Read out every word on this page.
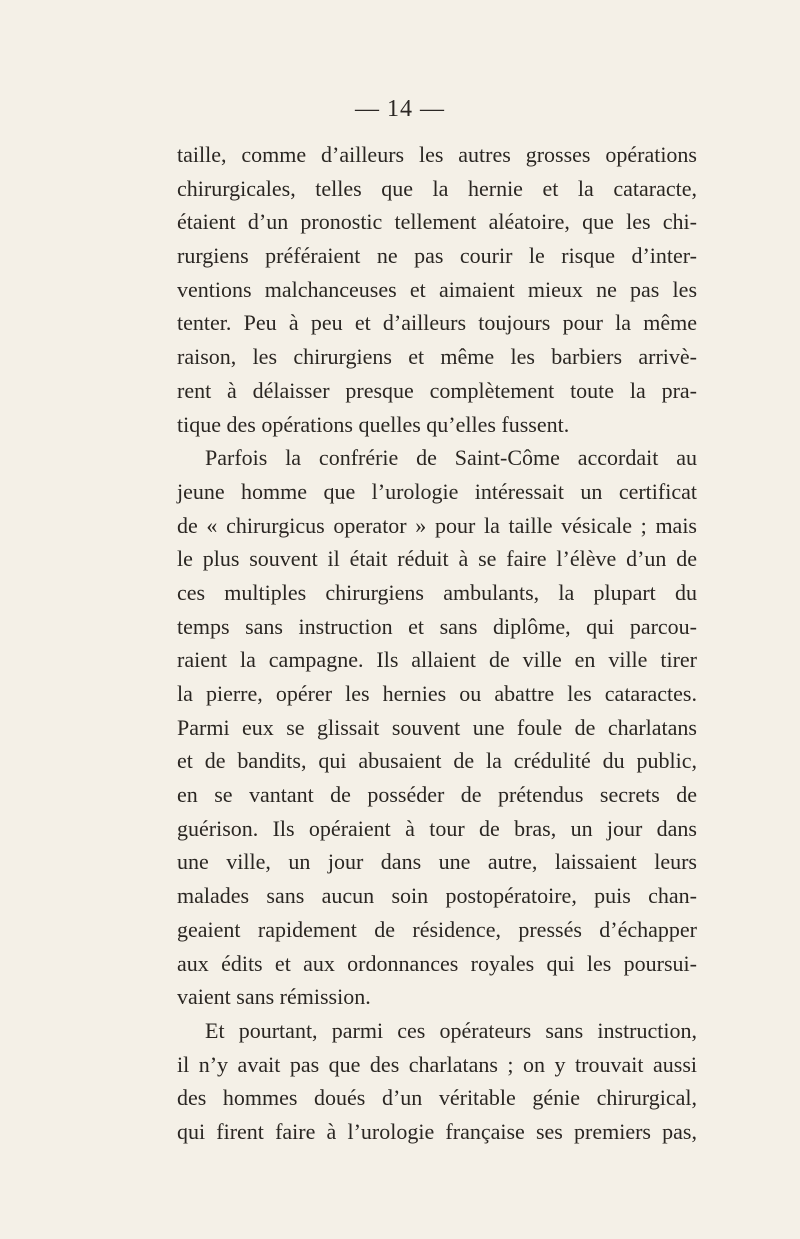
— 14 —
taille, comme d’ailleurs les autres grosses opérations
chirurgicales, telles que la hernie et la cataracte,
étaient d’un pronostic tellement aléatoire, que les chi-
rurgiens préféraient ne pas courir le risque d’inter-
ventions malchanceuses et aimaient mieux ne pas les
tenter. Peu à peu et d’ailleurs toujours pour la même
raison, les chirurgiens et même les barbiers arrivè-
rent à délaisser presque complètement toute la pra-
tique des opérations quelles qu’elles fussent.
Parfois la confrérie de Saint-Côme accordait au
jeune homme que l’urologie intéressait un certificat
de « chirurgicus operator » pour la taille vésicale ; mais
le plus souvent il était réduit à se faire l’élève d’un de
ces multiples chirurgiens ambulants, la plupart du
temps sans instruction et sans diplôme, qui parcou-
raient la campagne. Ils allaient de ville en ville tirer
la pierre, opérer les hernies ou abattre les cataractes.
Parmi eux se glissait souvent une foule de charlatans
et de bandits, qui abusaient de la crédulité du public,
en se vantant de posséder de prétendus secrets de
guérison. Ils opéraient à tour de bras, un jour dans
une ville, un jour dans une autre, laissaient leurs
malades sans aucun soin postopératoire, puis chan-
geaient rapidement de résidence, pressés d’échapper
aux édits et aux ordonnances royales qui les poursui-
vaient sans rémission.
Et pourtant, parmi ces opérateurs sans instruction,
il n’y avait pas que des charlatans ; on y trouvait aussi
des hommes doués d’un véritable génie chirurgical,
qui firent faire à l’urologie française ses premiers pas,
